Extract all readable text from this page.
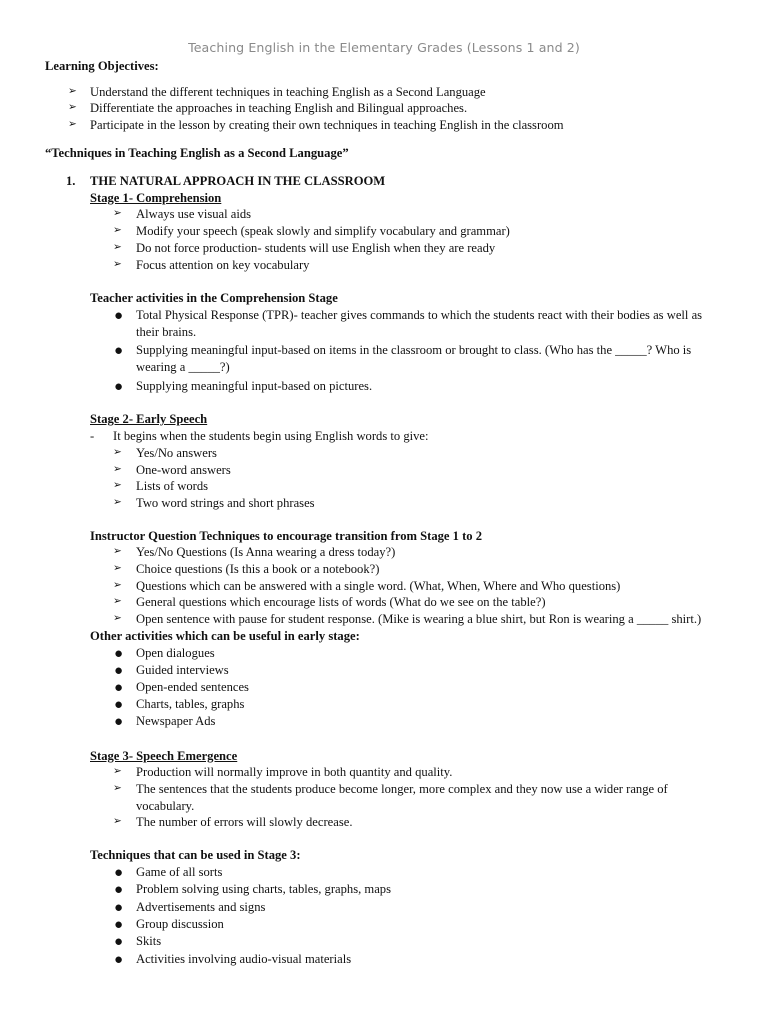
Teaching English in the Elementary Grades (Lessons 1 and 2)
Learning Objectives:
➢ Understand the different techniques in teaching English as a Second Language
➢ Differentiate the approaches in teaching English and Bilingual approaches.
➢ Participate in the lesson by creating their own techniques in teaching English in the classroom
“Techniques in Teaching English as a Second Language”
1. THE NATURAL APPROACH IN THE CLASSROOM
Stage 1- Comprehension
➢ Always use visual aids
➢ Modify your speech (speak slowly and simplify vocabulary and grammar)
➢ Do not force production- students will use English when they are ready
➢ Focus attention on key vocabulary
Teacher activities in the Comprehension Stage
● Total Physical Response (TPR)- teacher gives commands to which the students react with their bodies as well as their brains.
● Supplying meaningful input-based on items in the classroom or brought to class. (Who has the _____? Who is wearing a _____?)
● Supplying meaningful input-based on pictures.
Stage 2- Early Speech
- It begins when the students begin using English words to give:
➢ Yes/No answers
➢ One-word answers
➢ Lists of words
➢ Two word strings and short phrases
Instructor Question Techniques to encourage transition from Stage 1 to 2
➢ Yes/No Questions (Is Anna wearing a dress today?)
➢ Choice questions (Is this a book or a notebook?)
➢ Questions which can be answered with a single word. (What, When, Where and Who questions)
➢ General questions which encourage lists of words (What do we see on the table?)
➢ Open sentence with pause for student response. (Mike is wearing a blue shirt, but Ron is wearing a _____ shirt.)
Other activities which can be useful in early stage:
● Open dialogues
● Guided interviews
● Open-ended sentences
● Charts, tables, graphs
● Newspaper Ads
Stage 3- Speech Emergence
➢ Production will normally improve in both quantity and quality.
➢ The sentences that the students produce become longer, more complex and they now use a wider range of vocabulary.
➢ The number of errors will slowly decrease.
Techniques that can be used in Stage 3:
● Game of all sorts
● Problem solving using charts, tables, graphs, maps
● Advertisements and signs
● Group discussion
● Skits
● Activities involving audio-visual materials
